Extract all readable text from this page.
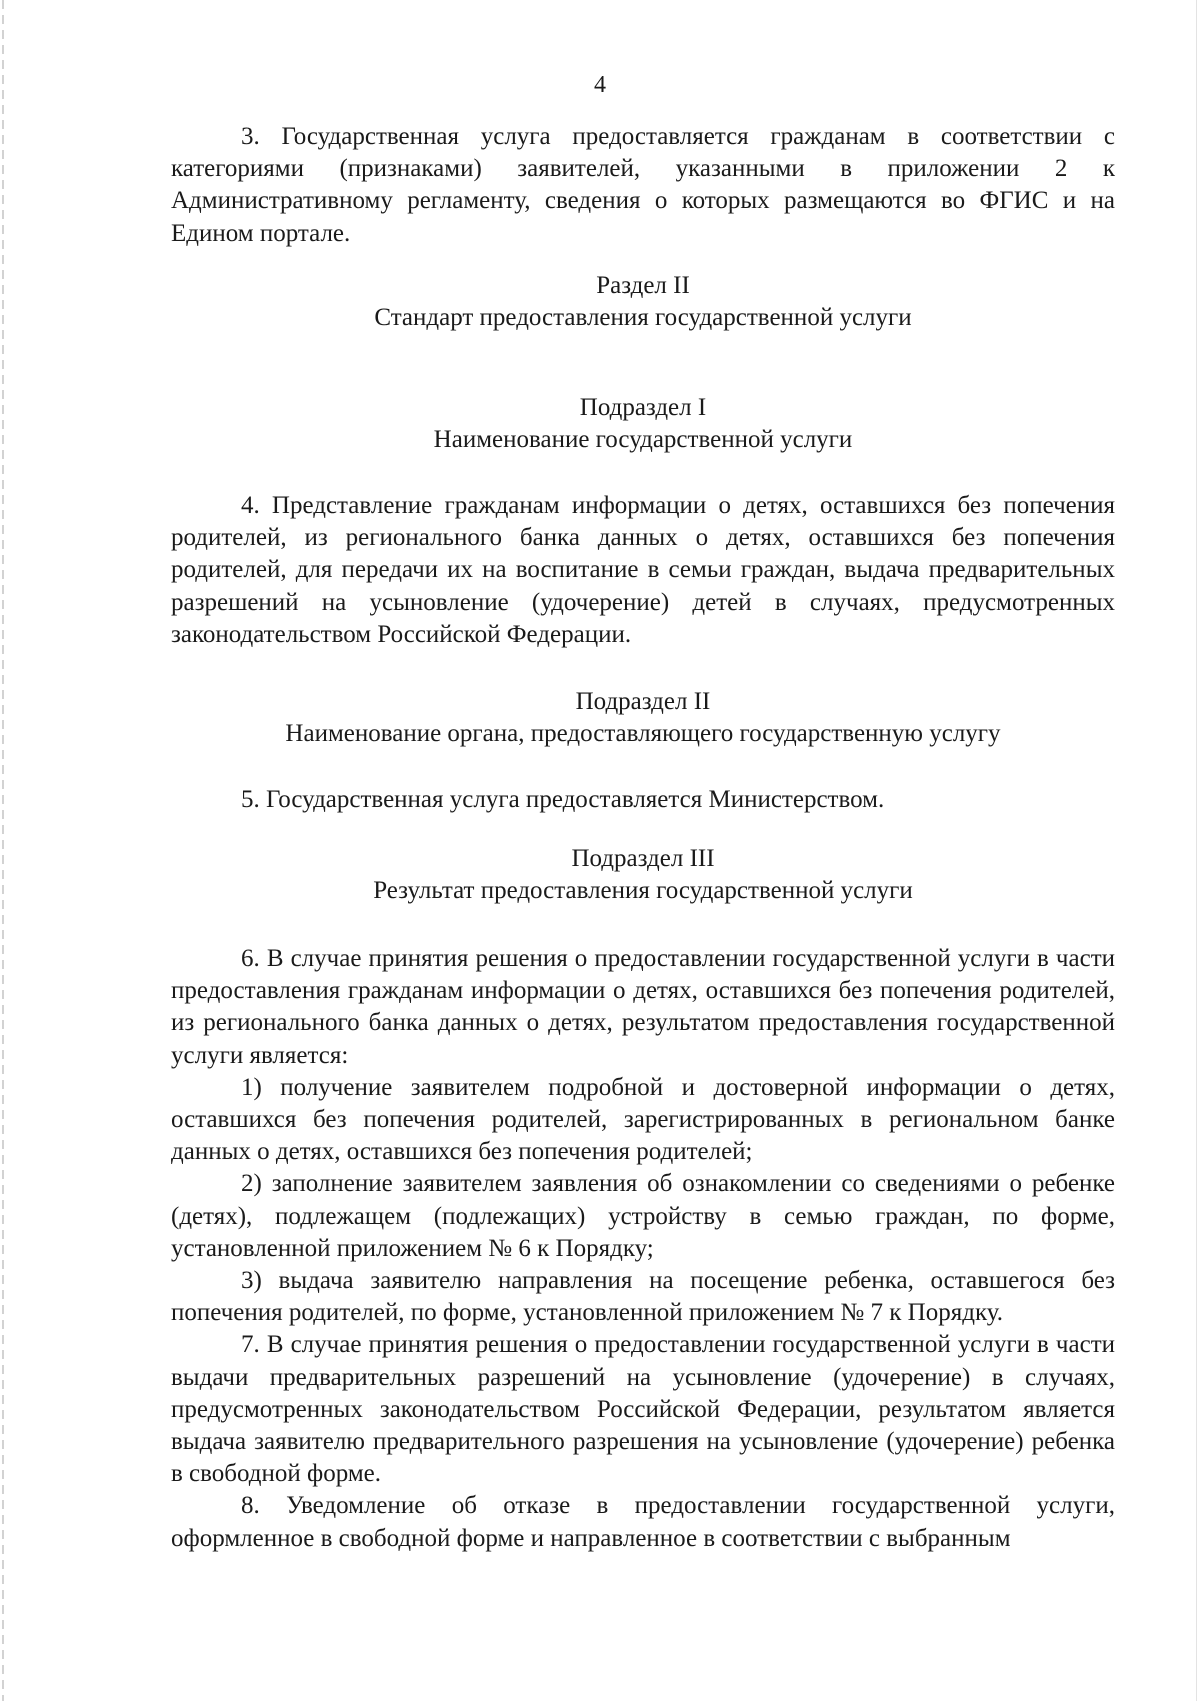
4

3. Государственная услуга предоставляется гражданам в соответствии с категориями (признаками) заявителей, указанными в приложении 2 к Административному регламенту, сведения о которых размещаются во ФГИС и на Едином портале.

Раздел II

Стандарт предоставления государственной услуги

Подраздел I

Наименование государственной услуги

4. Представление гражданам информации о детях, оставшихся без попечения родителей, из регионального банка данных о детях, оставшихся без попечения родителей, для передачи их на воспитание в семьи граждан, выдача предварительных разрешений на усыновление (удочерение) детей в случаях, предусмотренных законодательством Российской Федерации.

Подраздел II

Наименование органа, предоставляющего государственную услугу

5. Государственная услуга предоставляется Министерством.

Подраздел III

Результат предоставления государственной услуги

6. В случае принятия решения о предоставлении государственной услуги в части предоставления гражданам информации о детях, оставшихся без попечения родителей, из регионального банка данных о детях, результатом предоставления государственной услуги является:

1) получение заявителем подробной и достоверной информации о детях, оставшихся без попечения родителей, зарегистрированных в региональном банке данных о детях, оставшихся без попечения родителей;

2) заполнение заявителем заявления об ознакомлении со сведениями о ребенке (детях), подлежащем (подлежащих) устройству в семью граждан, по форме, установленной приложением № 6 к Порядку;

3) выдача заявителю направления на посещение ребенка, оставшегося без попечения родителей, по форме, установленной приложением № 7 к Порядку.

7. В случае принятия решения о предоставлении государственной услуги в части выдачи предварительных разрешений на усыновление (удочерение) в случаях, предусмотренных законодательством Российской Федерации, результатом является выдача заявителю предварительного разрешения на усыновление (удочерение) ребенка в свободной форме.

8. Уведомление об отказе в предоставлении государственной услуги, оформленное в свободной форме и направленное в соответствии с выбранным
